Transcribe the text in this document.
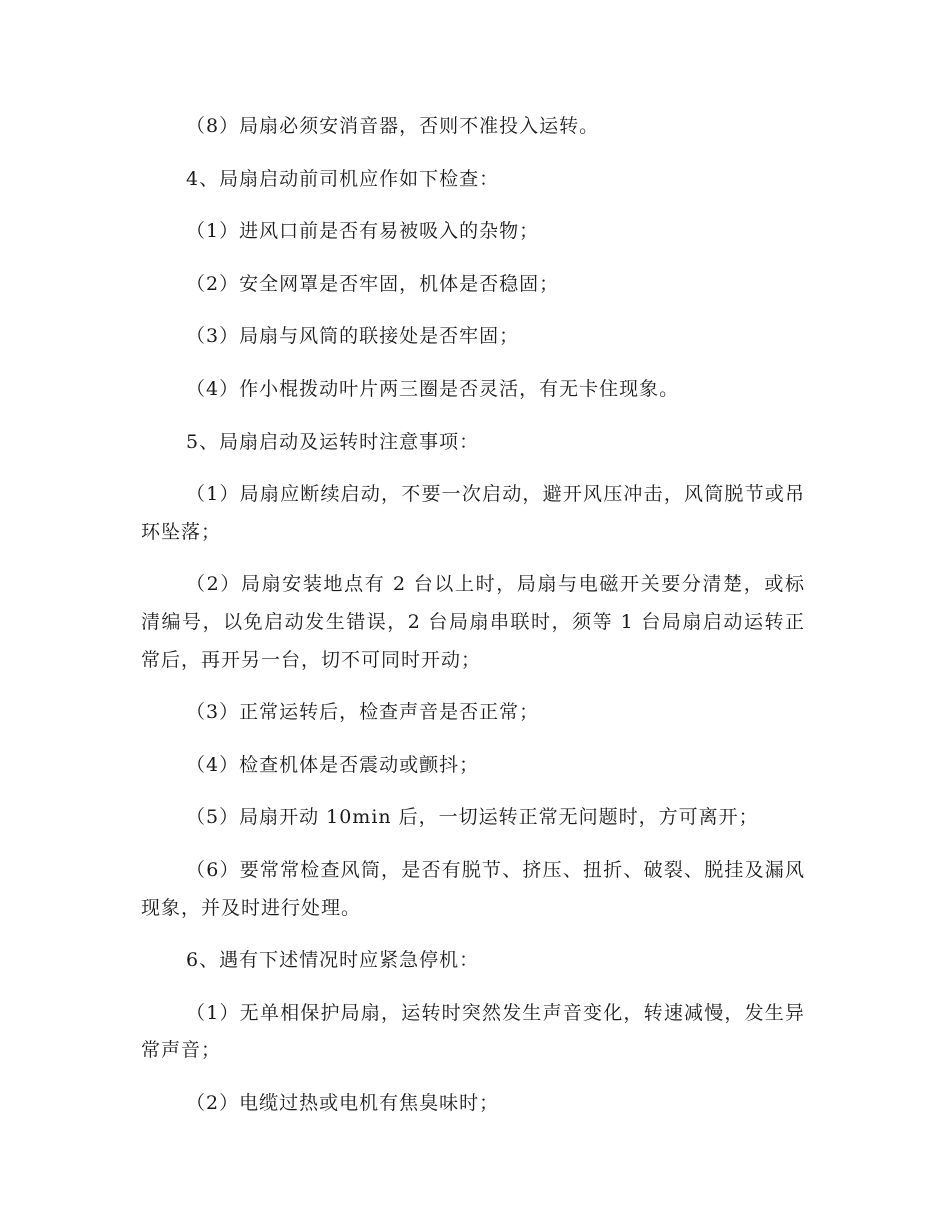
（8）局扇必须安消音器，否则不准投入运转。

4、局扇启动前司机应作如下检查：

（1）进风口前是否有易被吸入的杂物；

（2）安全网罩是否牢固，机体是否稳固；

（3）局扇与风筒的联接处是否牢固；

（4）作小棍拨动叶片两三圈是否灵活，有无卡住现象。

5、局扇启动及运转时注意事项：

（1）局扇应断续启动，不要一次启动，避开风压冲击，风筒脱节或吊环坠落；

（2）局扇安装地点有 2 台以上时，局扇与电磁开关要分清楚，或标清编号，以免启动发生错误，2 台局扇串联时，须等 1 台局扇启动运转正常后，再开另一台，切不可同时开动；

（3）正常运转后，检查声音是否正常；

（4）检查机体是否震动或颤抖；

（5）局扇开动 10min 后，一切运转正常无问题时，方可离开；

（6）要常常检查风筒，是否有脱节、挤压、扭折、破裂、脱挂及漏风现象，并及时进行处理。

6、遇有下述情况时应紧急停机：

（1）无单相保护局扇，运转时突然发生声音变化，转速减慢，发生异常声音；

（2）电缆过热或电机有焦臭味时；
